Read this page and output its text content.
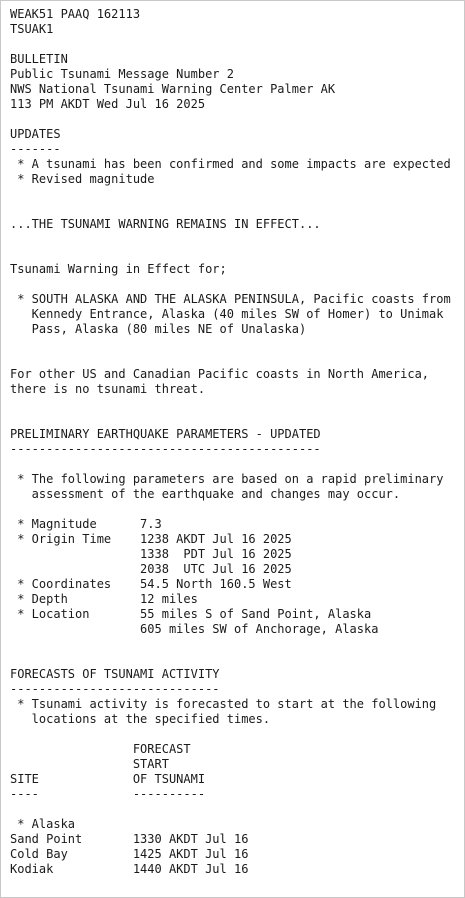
WEAK51 PAAQ 162113
TSUAK1
BULLETIN
Public Tsunami Message Number 2
NWS National Tsunami Warning Center Palmer AK
113 PM AKDT Wed Jul 16 2025
UPDATES
-------
* A tsunami has been confirmed and some impacts are expected
* Revised magnitude
...THE TSUNAMI WARNING REMAINS IN EFFECT...
Tsunami Warning in Effect for;
* SOUTH ALASKA AND THE ALASKA PENINSULA, Pacific coasts from
Kennedy Entrance, Alaska (40 miles SW of Homer) to Unimak
Pass, Alaska (80 miles NE of Unalaska)
For other US and Canadian Pacific coasts in North America,
there is no tsunami threat.
PRELIMINARY EARTHQUAKE PARAMETERS - UPDATED
-------------------------------------------
* The following parameters are based on a rapid preliminary
assessment of the earthquake and changes may occur.
* Magnitude      7.3
* Origin Time    1238 AKDT Jul 16 2025
1338  PDT Jul 16 2025
2038  UTC Jul 16 2025
* Coordinates    54.5 North 160.5 West
* Depth          12 miles
* Location       55 miles S of Sand Point, Alaska
605 miles SW of Anchorage, Alaska
FORECASTS OF TSUNAMI ACTIVITY
-----------------------------
* Tsunami activity is forecasted to start at the following
locations at the specified times.
FORECAST
START
SITE             OF TSUNAMI
----             ----------
* Alaska
Sand Point       1330 AKDT Jul 16
Cold Bay         1425 AKDT Jul 16
Kodiak           1440 AKDT Jul 16
